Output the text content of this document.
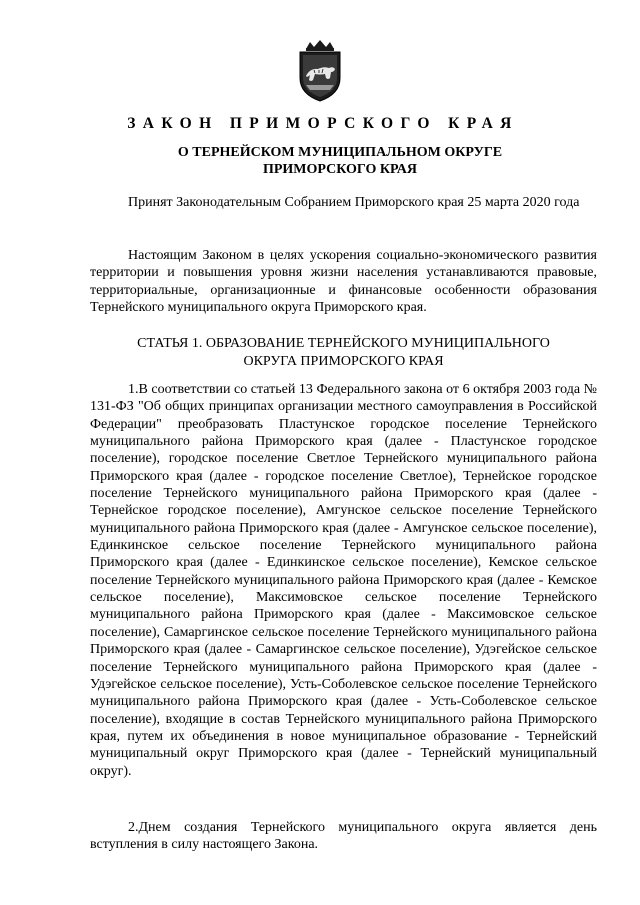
ЗАКОН ПРИМОРСКОГО КРАЯ
О ТЕРНЕЙСКОМ МУНИЦИПАЛЬНОМ ОКРУГЕ
ПРИМОРСКОГО КРАЯ

Принят Законодательным Собранием Приморского края 25 марта 2020 года

Настоящим Законом в целях ускорения социально-экономического развития территории и повышения уровня жизни населения устанавливаются правовые, территориальные, организационные и финансовые особенности образования Тернейского муниципального округа Приморского края.

СТАТЬЯ 1. ОБРАЗОВАНИЕ ТЕРНЕЙСКОГО МУНИЦИПАЛЬНОГО
ОКРУГА ПРИМОРСКОГО КРАЯ

1.В соответствии со статьей 13 Федерального закона от 6 октября 2003 года № 131-ФЗ "Об общих принципах организации местного самоуправления в Российской Федерации" преобразовать Пластунское городское поселение Тернейского муниципального района Приморского края (далее - Пластунское городское поселение), городское поселение Светлое Тернейского муниципального района Приморского края (далее - городское поселение Светлое), Тернейское городское поселение Тернейского муниципального района Приморского края (далее - Тернейское городское поселение), Амгунское сельское поселение Тернейского муниципального района Приморского края (далее - Амгунское сельское поселение), Единкинское сельское поселение Тернейского муниципального района Приморского края (далее - Единкинское сельское поселение), Кемское сельское поселение Тернейского муниципального района Приморского края (далее - Кемское сельское поселение), Максимовское сельское поселение Тернейского муниципального района Приморского края (далее - Максимовское сельское поселение), Самаргинское сельское поселение Тернейского муниципального района Приморского края (далее - Самаргинское сельское поселение), Удэгейское сельское поселение Тернейского муниципального района Приморского края (далее - Удэгейское сельское поселение), Усть-Соболевское сельское поселение Тернейского муниципального района Приморского края (далее - Усть-Соболевское сельское поселение), входящие в состав Тернейского муниципального района Приморского края, путем их объединения в новое муниципальное образование - Тернейский муниципальный округ Приморского края (далее - Тернейский муниципальный округ).

2.Днем создания Тернейского муниципального округа является день вступления в силу настоящего Закона.
